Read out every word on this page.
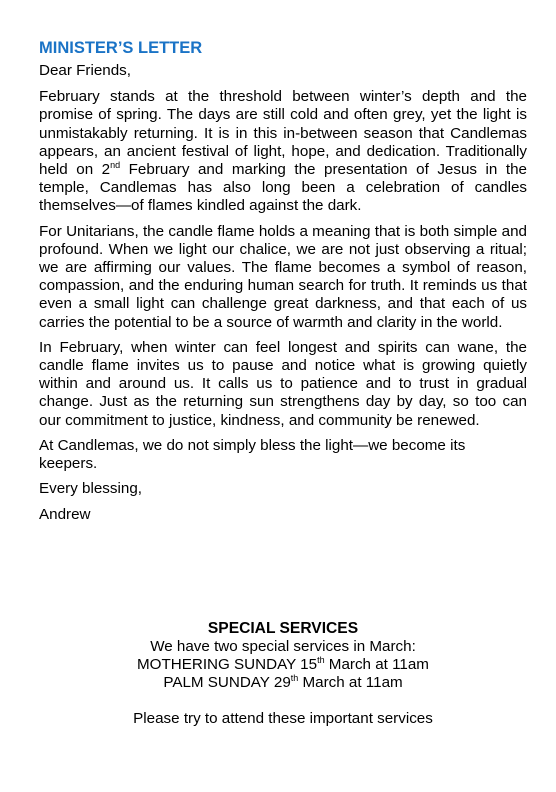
MINISTER’S LETTER

Dear Friends,

February stands at the threshold between winter’s depth and the promise of spring. The days are still cold and often grey, yet the light is unmistakably returning. It is in this in-between season that Candlemas appears, an ancient festival of light, hope, and dedication. Traditionally held on 2nd February and marking the presentation of Jesus in the temple, Candlemas has also long been a celebration of candles themselves—of flames kindled against the dark.

For Unitarians, the candle flame holds a meaning that is both simple and profound. When we light our chalice, we are not just observing a ritual; we are affirming our values. The flame becomes a symbol of reason, compassion, and the enduring human search for truth. It reminds us that even a small light can challenge great darkness, and that each of us carries the potential to be a source of warmth and clarity in the world.

In February, when winter can feel longest and spirits can wane, the candle flame invites us to pause and notice what is growing quietly within and around us. It calls us to patience and to trust in gradual change. Just as the returning sun strengthens day by day, so too can our commitment to justice, kindness, and community be renewed.

At Candlemas, we do not simply bless the light—we become its keepers.

Every blessing,

Andrew

SPECIAL SERVICES
We have two special services in March:
MOTHERING SUNDAY 15th March at 11am
PALM SUNDAY 29th March at 11am
Please try to attend these important services
